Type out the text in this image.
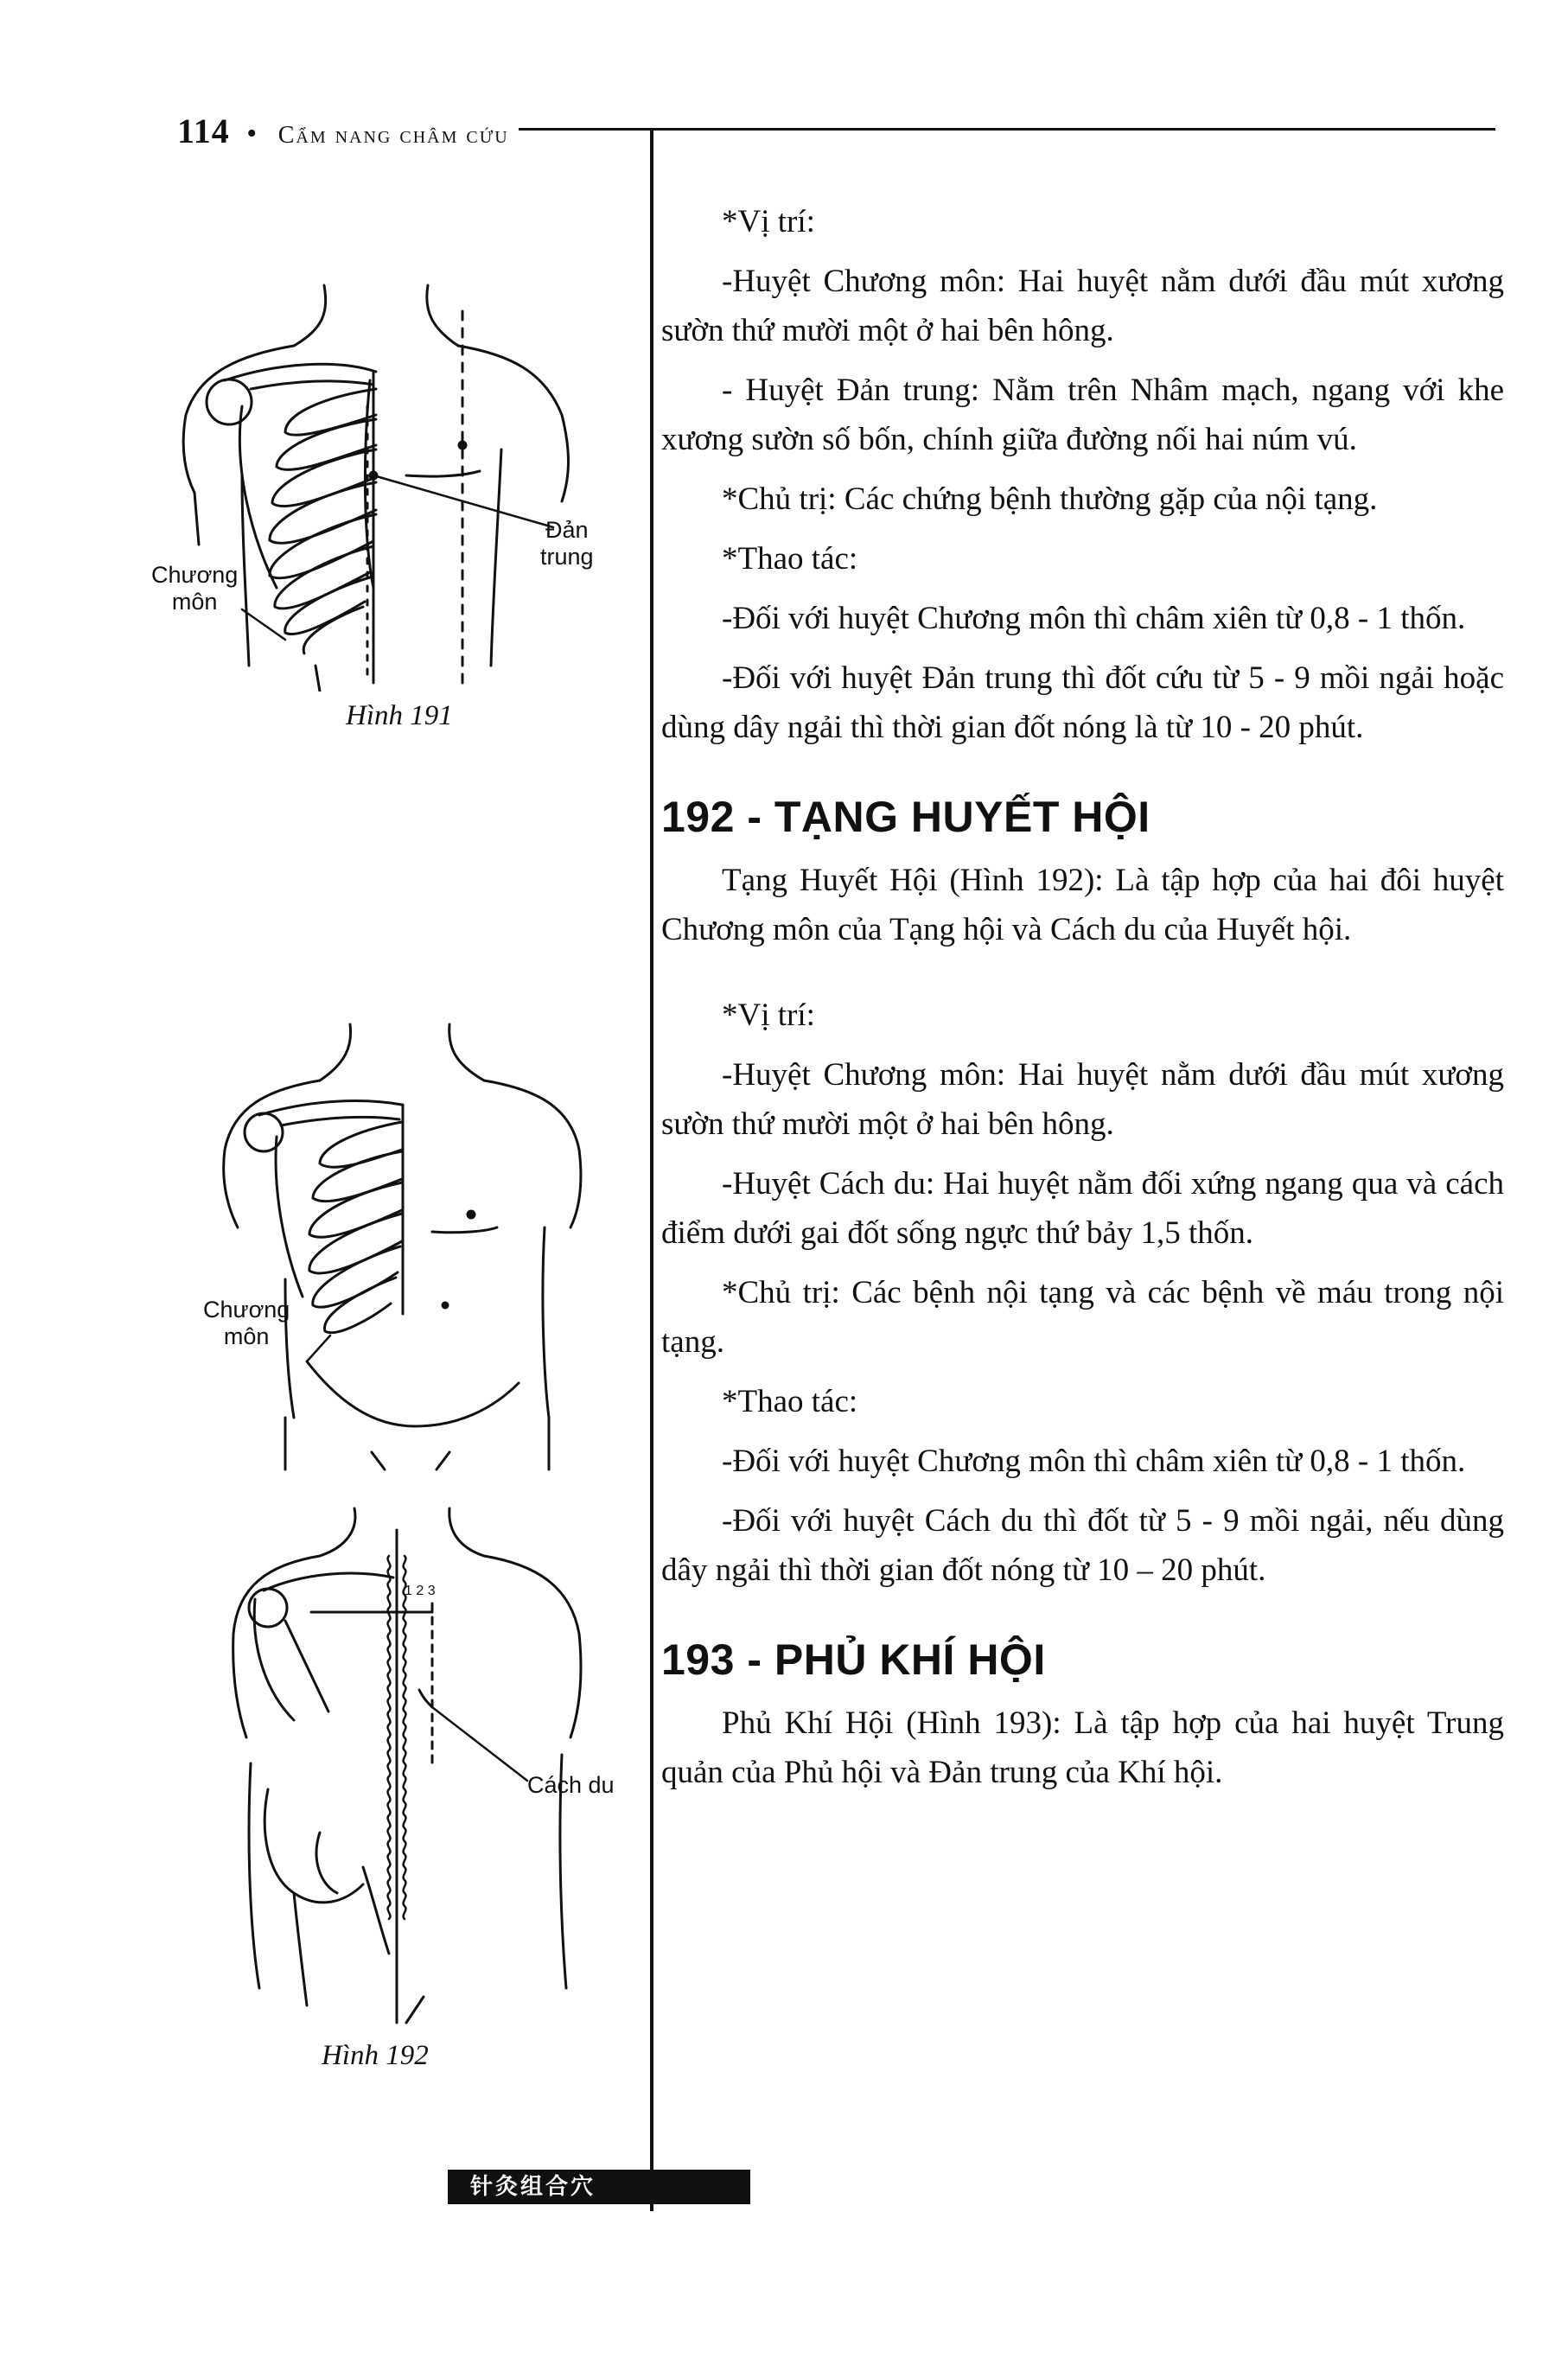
114 • Cẩm nang châm cứu
Chương
môn
Đản
trung
Hình 191
Chương
môn
1 2 3
Cách du
Hình 192

*Vị trí:

-Huyệt Chương môn: Hai huyệt nằm dưới đầu mút xương sườn thứ mười một ở hai bên hông.

- Huyệt Đản trung: Nằm trên Nhâm mạch, ngang với khe xương sườn số bốn, chính giữa đường nối hai núm vú.

*Chủ trị: Các chứng bệnh thường gặp của nội tạng.

*Thao tác:

-Đối với huyệt Chương môn thì châm xiên từ 0,8 - 1 thốn.

-Đối với huyệt Đản trung thì đốt cứu từ 5 - 9 mồi ngải hoặc dùng dây ngải thì thời gian đốt nóng là từ 10 - 20 phút.

192 - TẠNG HUYẾT HỘI

Tạng Huyết Hội (Hình 192): Là tập hợp của hai đôi huyệt Chương môn của Tạng hội và Cách du của Huyết hội.

*Vị trí:

-Huyệt Chương môn: Hai huyệt nằm dưới đầu mút xương sườn thứ mười một ở hai bên hông.

-Huyệt Cách du: Hai huyệt nằm đối xứng ngang qua và cách điểm dưới gai đốt sống ngực thứ bảy 1,5 thốn.

*Chủ trị: Các bệnh nội tạng và các bệnh về máu trong nội tạng.

*Thao tác:

-Đối với huyệt Chương môn thì châm xiên từ 0,8 - 1 thốn.

-Đối với huyệt Cách du thì đốt từ 5 - 9 mồi ngải, nếu dùng dây ngải thì thời gian đốt nóng từ 10 – 20 phút.

193 - PHỦ KHÍ HỘI

Phủ Khí Hội (Hình 193): Là tập hợp của hai huyệt Trung quản của Phủ hội và Đản trung của Khí hội.

针灸组合穴
